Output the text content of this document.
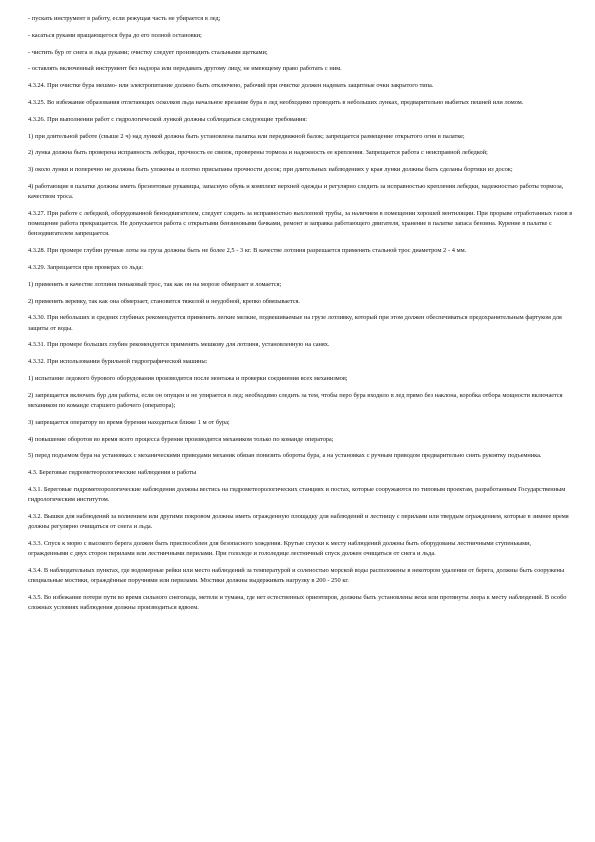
- пускать инструмент в работу, если режущая часть не убирается в лед;

- касаться руками вращающегося бура до его полной остановки;

- чистить бур от снега и льда руками; очистку следует производить стальными щетками;

- оставлять включенный инструмент без надзора или передавать другому лицу, не имеющему право работать с ним.

4.3.24. При очистке бура мешмо- или электропитание должно быть отключено, рабочий при очистке должен надевать защитные очки закрытого типа.

4.3.25. Во избежание образования отлетающих осколков льда начальное врезание бура в лед необходимо проводить в небольших лунках, предварительно выбитых пешней или ломом.

4.3.26. При выполнении работ с гидрологической лункой должны соблюдаться следующие требования:

1) при длительной работе (свыше 2 ч) над лункой должна быть установлена палатка или передвижной балок; запрещается размещение открытого огня в палатке;

2) лунка должна быть проверена исправность лебедки, прочность ее связок, проверены тормоза и надежность ее крепления. Запрещается работа с неисправной лебедкой;

3) около лунки и поперечно не должны быть уложены и плотно присыпаны прочности досок; при длительных наблюдениях у края лунки должны быть сделаны бортики из досок;

4) работающие в палатке должны иметь брезентовые рукавицы, запасную обувь и комплект верхней одежды и регулярно следить за исправностью крепления лебедки, надежностью работы тормоза, качеством троса.

4.3.27. При работе с лебедкой, оборудованной бензодвигателем, следует следить за исправностью выхлопной трубы, за наличием в помещении хорошей вентиляции. При прорыве отработанных газов в помещение работа прекращается. Не допускается работа с открытыми бензиновыми бачками, ремонт и заправка работающего двигателя, хранение в палатке запаса бензина. Курение в палатке с бензодвигателем запрещается.

4.3.28. При промере глубин ручные лоты на груза должны быть не более 2,5 - 3 кг. В качестве лотлиня разрешается применять стальной трос диаметром 2 - 4 мм.

4.3.29. Запрещается при промерах со льда:

1) применять в качестве лотлиня пеньковый трос, так как он на морозе обмерзает и ломается;

2) применять веревку, так как она обмерзает, становится тяжелой и неудобной, крепко обвязывается.

4.3.30. При небольших и средних глубинах рекомендуется применять легкие мелкие, подвешиваемые на грузе лотливку, который при этом должен обеспечиваться предохранительным фартуком для защиты от воды.

4.3.31. При промере больших глубин рекомендуется применять мешкову для лотлиня, установленную на санях.

4.3.32. При использовании бурильной гидрографической машины:

1) испытание ледового бурового оборудования производится после монтажа и проверки соединения всех механизмов;

2) запрещается включать бур для работы, если он опущен и не упирается в лед; необходимо следить за тем, чтобы перо бура входило в лед прямо без наклона, коробка отбора мощности включается механиком по команде старшего рабочего (оператора);

3) запрещается оператору во время бурения находиться ближе 1 м от бура;

4) повышение оборотов во время всего процесса бурения производится механиком только по команде оператора;

5) перед подъемом бура на установках с механическими приводами механик обязан понизить обороты бура, а на установках с ручным приводом предварительно снять рукоятку подъемника.

4.3. Береговые гидрометеорологические наблюдения и работы

4.3.1. Береговые гидрометеорологические наблюдения должны вестись на гидрометеорологических станциях и постах, которые сооружаются по типовым проектам, разработанным Государственным гидрологическим институтом.

4.3.2. Вышки для наблюдений за волнением или другими покровом должны иметь огражденную площадку для наблюдений и лестницу с перилами или твердым ограждением, которые в зимнее время должны регулярно очищаться от снега и льда.

4.3.3. Спуск к морю с высокого берега должен быть приспособлен для безопасного хождения. Крутые спуски к месту наблюдений должны быть оборудованы лестничными ступеньками, огражденными с двух сторон перилами или лестничными перилами. При гололеде и гололедице лестничный спуск должен очищаться от снега и льда.

4.3.4. В наблюдательных пунктах, где водомерные рейки или место наблюдений за температурой и соленостью морской воды расположены в некотором удалении от берега, должны быть сооружены специальные мостики, ограждённые поручнями или перилами. Мостики должны выдерживать нагрузку в 200 - 250 кг.

4.3.5. Во избежание потери пути во время сильного снегопада, метели и тумана, где нет естественных ориентиров, должны быть установлены вехи или протянуты леера к месту наблюдений. В особо сложных условиях наблюдения должны производиться вдвоем.
